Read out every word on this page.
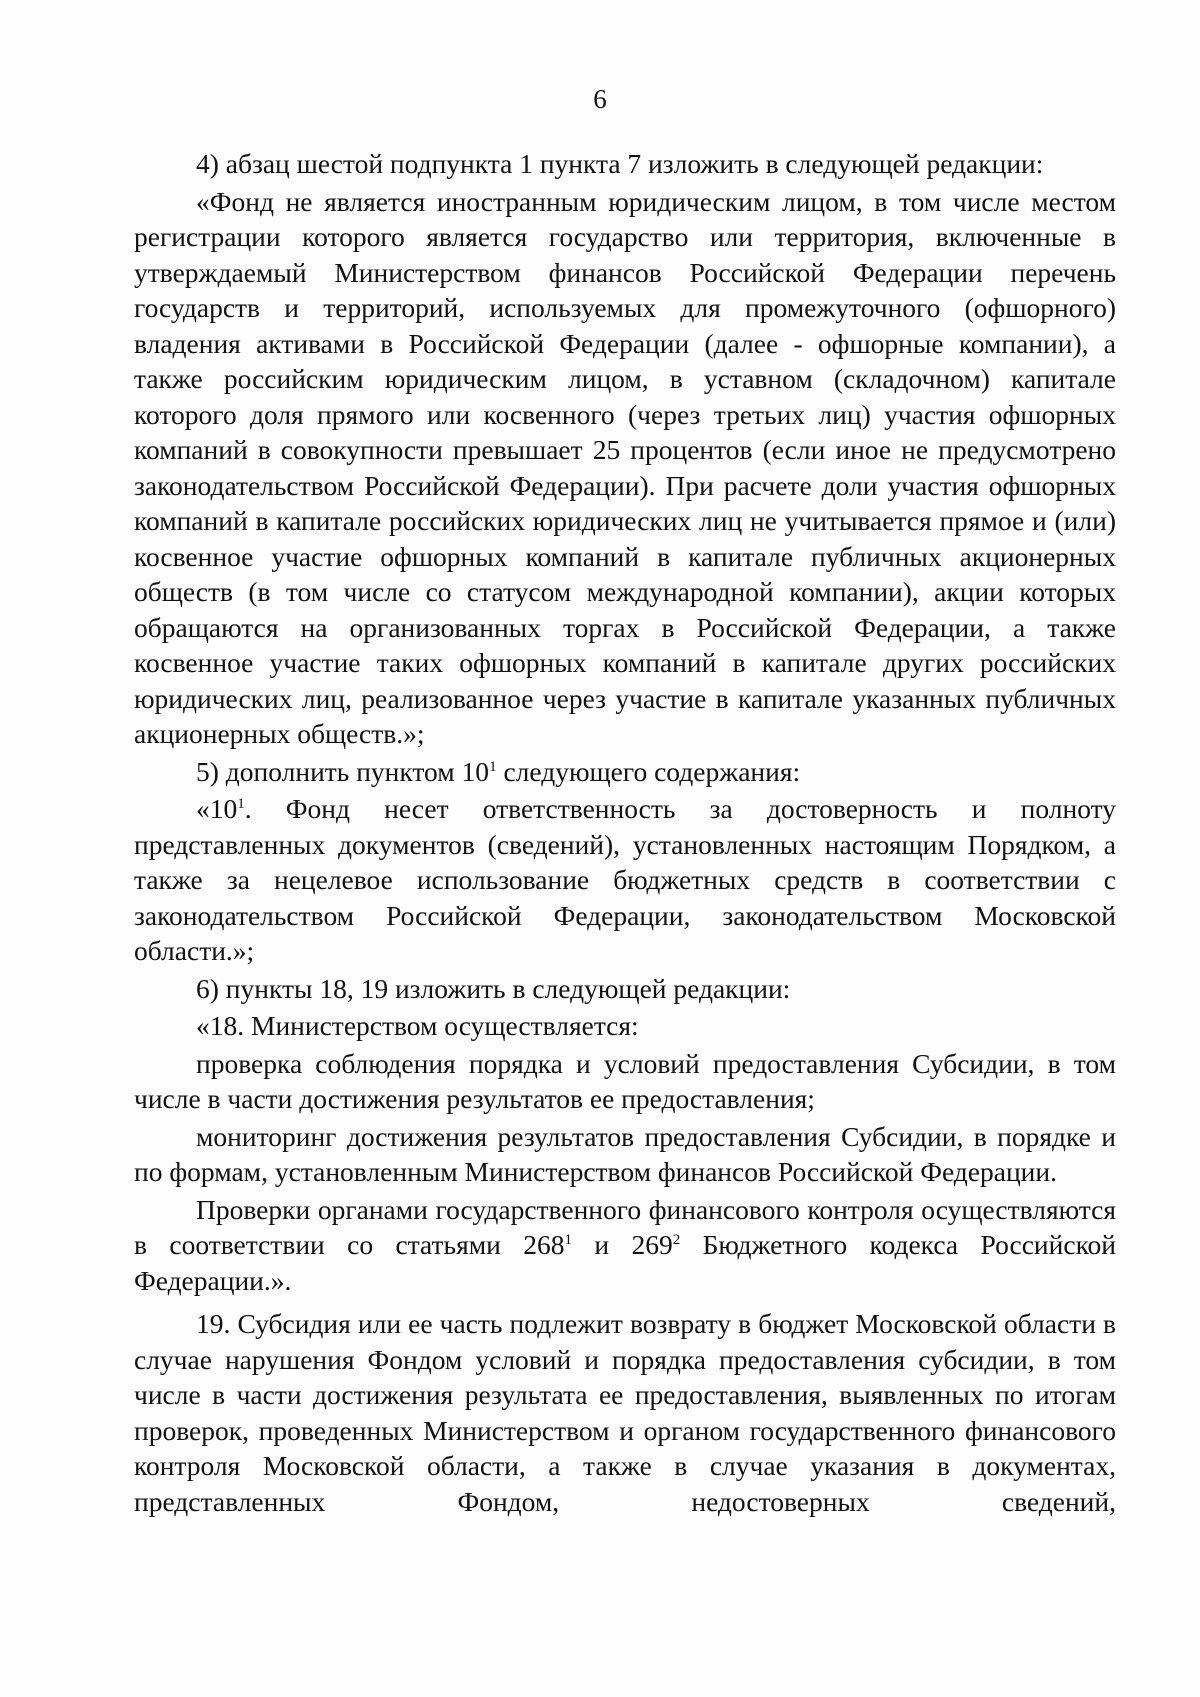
6

4) абзац шестой подпункта 1 пункта 7 изложить в следующей редакции:

«Фонд не является иностранным юридическим лицом, в том числе местом регистрации которого является государство или территория, включенные в утверждаемый Министерством финансов Российской Федерации перечень государств и территорий, используемых для промежуточного (офшорного) владения активами в Российской Федерации (далее - офшорные компании), а также российским юридическим лицом, в уставном (складочном) капитале которого доля прямого или косвенного (через третьих лиц) участия офшорных компаний в совокупности превышает 25 процентов (если иное не предусмотрено законодательством Российской Федерации). При расчете доли участия офшорных компаний в капитале российских юридических лиц не учитывается прямое и (или) косвенное участие офшорных компаний в капитале публичных акционерных обществ (в том числе со статусом международной компании), акции которых обращаются на организованных торгах в Российской Федерации, а также косвенное участие таких офшорных компаний в капитале других российских юридических лиц, реализованное через участие в капитале указанных публичных акционерных обществ.»;

5) дополнить пунктом $10^1$ следующего содержания:

«$10^1$. Фонд несет ответственность за достоверность и полноту представленных документов (сведений), установленных настоящим Порядком, а также за нецелевое использование бюджетных средств в соответствии с законодательством Российской Федерации, законодательством Московской области.»;

6) пункты 18, 19 изложить в следующей редакции:

«18. Министерством осуществляется:

проверка соблюдения порядка и условий предоставления Субсидии, в том числе в части достижения результатов ее предоставления;

мониторинг достижения результатов предоставления Субсидии, в порядке и по формам, установленным Министерством финансов Российской Федерации.

Проверки органами государственного финансового контроля осуществляются в соответствии со статьями $268^1$ и $269^2$ Бюджетного кодекса Российской Федерации.».

19. Субсидия или ее часть подлежит возврату в бюджет Московской области в случае нарушения Фондом условий и порядка предоставления субсидии, в том числе в части достижения результата ее предоставления, выявленных по итогам проверок, проведенных Министерством и органом государственного финансового контроля Московской области, а также в случае указания в документах, представленных Фондом, недостоверных сведений,
